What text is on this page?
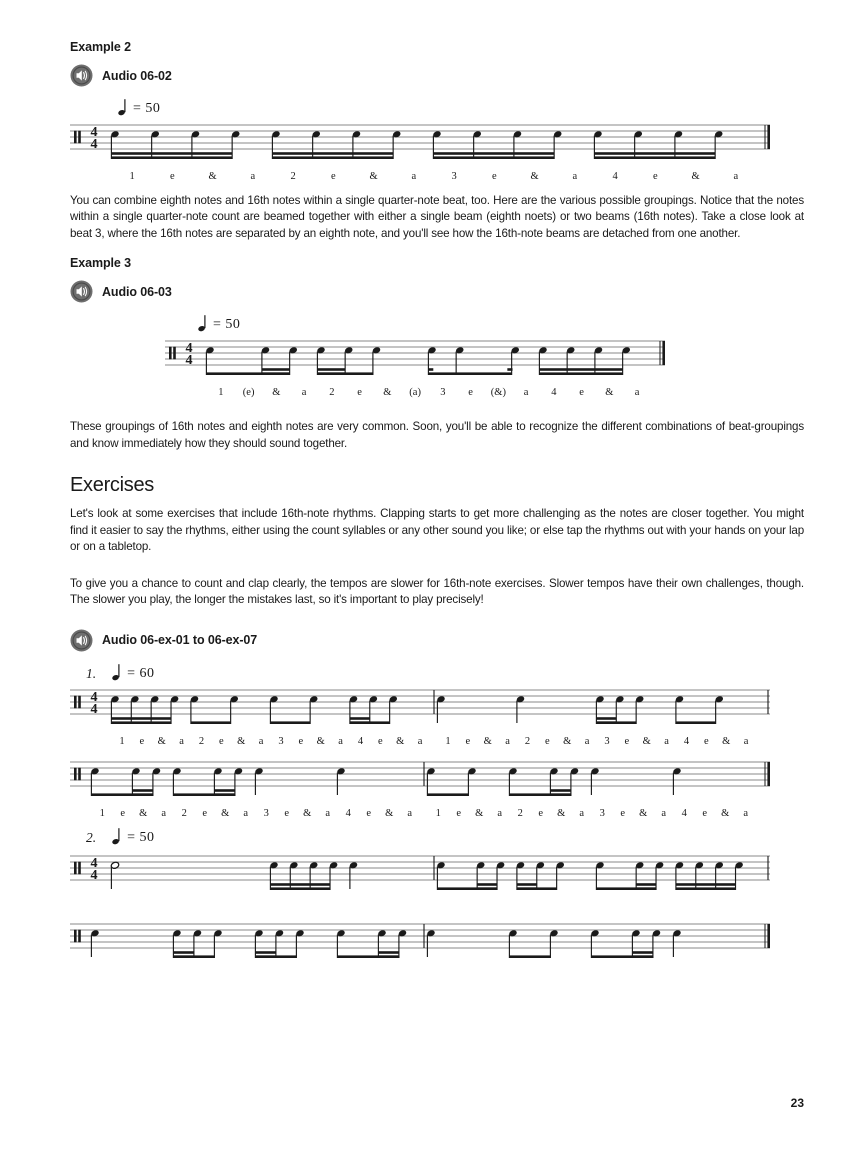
Example 2
Audio 06-02
= 50
4
4
1	e	&	a	2	e	&	a	3	e	&	a	4	e	&	a

You can combine eighth notes and 16th notes within a single quarter-note beat, too. Here are the various possible groupings. Notice that the notes within a single quarter-note count are beamed together with either a single beam (eighth noets) or two beams (16th notes). Take a close look at beat 3, where the 16th notes are separated by an eighth note, and you'll see how the 16th-note beams are detached from one another.

Example 3
Audio 06-03
= 50
4
4
1 (e) & a 2 e & (a) 3 e (&) a 4 e & a

These groupings of 16th notes and eighth notes are very common. Soon, you'll be able to recognize the different combinations of beat-groupings and know immediately how they should sound together.

Exercises

Let's look at some exercises that include 16th-note rhythms. Clapping starts to get more challenging as the notes are closer together. You might find it easier to say the rhythms, either using the count syllables or any other sound you like; or else tap the rhythms out with your hands on your lap or on a tabletop.

To give you a chance to count and clap clearly, the tempos are slower for 16th-note exercises. Slower tempos have their own challenges, though. The slower you play, the longer the mistakes last, so it's important to play precisely!

Audio 06-ex-01 to 06-ex-07
1. = 60
4
4
1 e & a 2 e & a 3 e & a 4 e & a 1 e & a 2 e & a 3 e & a 4 e & a
1 e & a 2 e & a 3 e & a 4 e & a 1 e & a 2 e & a 3 e & a 4 e & a
2. = 50
4
4
23
